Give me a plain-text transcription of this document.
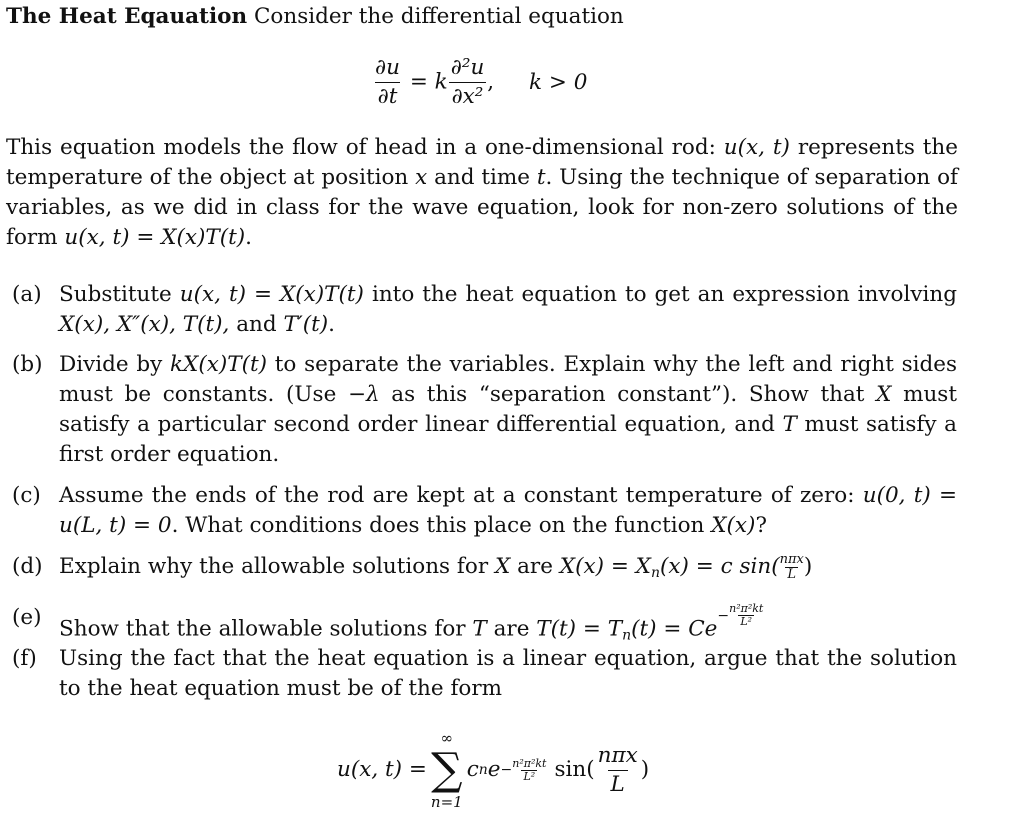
The Heat Eqauation Consider the differential equation
$\frac{\partial u}{\partial t} = k \frac{\text{∂²u}}{\text{∂x²}}$ , k > 0
This equation models the flow of head in a one-dimensional rod: u(x, t) represents the temperature of the object at position x and time t. Using the technique of separation of variables, as we did in class for the wave equation, look for non-zero solutions of the form u(x, t) = X(x)T(t).
(a) Substitute u(x, t) = X(x)T(t) into the heat equation to get an expression involving X(x), X″(x), T(t), and T′(t).
(b) Divide by kX(x)T(t) to separate the variables. Explain why the left and right sides must be constants. (Use −λ as this “separation constant”). Show that X must satisfy a particular second order linear differential equation, and T must satisfy a first order equation.
(c) Assume the ends of the rod are kept at a constant temperature of zero: u(0, t) = u(L, t) = 0. What conditions does this place on the function X(x)?
(d) Explain why the allowable solutions for X are $X(x) = X_n(x) = c$ sin( nπx
L )
(e) Show that the allowable solutions for T are $T(t) = T_n(t) = Ce$
− $\frac{\text{n²π²kt}}{\text{L²}}$
(f) Using the fact that the heat equation is a linear equation, argue that the solution to the heat equation must be of the form
u(x, t) =
∞
∑
n=1
c n $e - \frac{\text{n²π²kt}}{\text{L²}} \sin( \frac{\text{nπx}}{L}$ )
